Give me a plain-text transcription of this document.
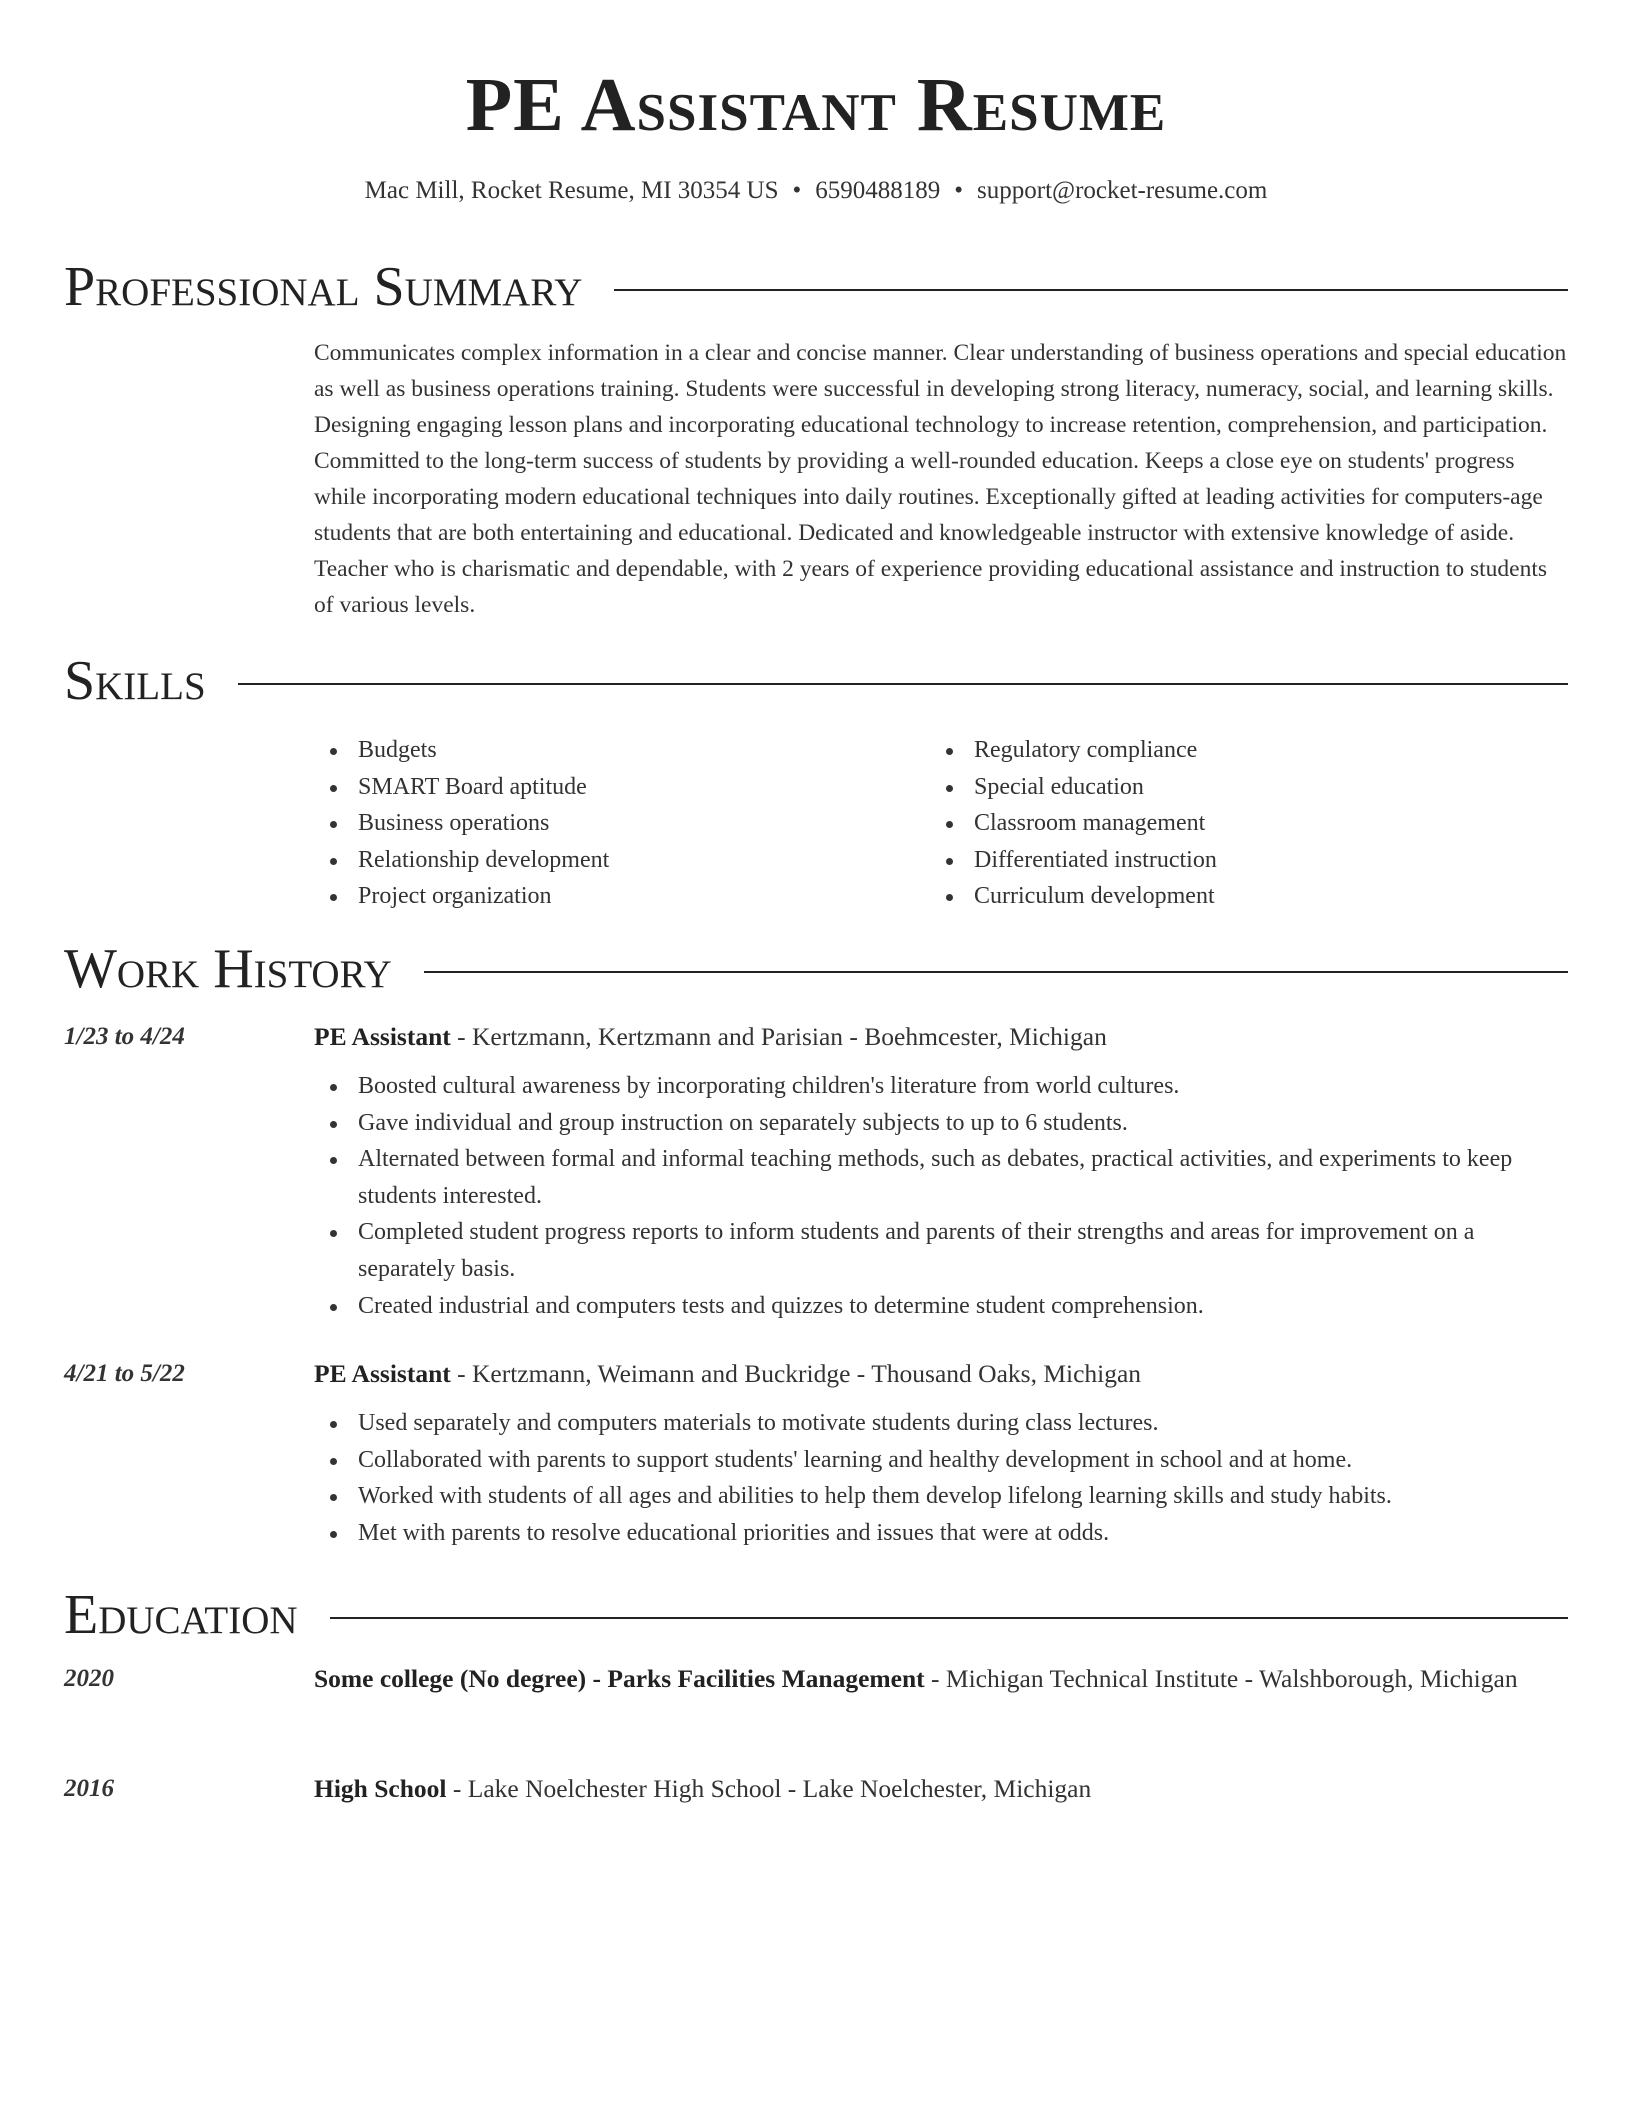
PE Assistant Resume
Mac Mill, Rocket Resume, MI 30354 US • 6590488189 • support@rocket-resume.com
Professional Summary

Communicates complex information in a clear and concise manner. Clear understanding of business operations and special education as well as business operations training. Students were successful in developing strong literacy, numeracy, social, and learning skills. Designing engaging lesson plans and incorporating educational technology to increase retention, comprehension, and participation. Committed to the long-term success of students by providing a well-rounded education. Keeps a close eye on students' progress while incorporating modern educational techniques into daily routines. Exceptionally gifted at leading activities for computers-age students that are both entertaining and educational. Dedicated and knowledgeable instructor with extensive knowledge of aside. Teacher who is charismatic and dependable, with 2 years of experience providing educational assistance and instruction to students of various levels.

Skills
Budgets
SMART Board aptitude
Business operations
Relationship development
Project organization
Regulatory compliance
Special education
Classroom management
Differentiated instruction
Curriculum development
Work History
1/23 to 4/24	PE Assistant - Kertzmann, Kertzmann and Parisian - Boehmcester, Michigan
Boosted cultural awareness by incorporating children's literature from world cultures.
Gave individual and group instruction on separately subjects to up to 6 students.
Alternated between formal and informal teaching methods, such as debates, practical activities, and experiments to keep students interested.
Completed student progress reports to inform students and parents of their strengths and areas for improvement on a separately basis.
Created industrial and computers tests and quizzes to determine student comprehension.
4/21 to 5/22	PE Assistant - Kertzmann, Weimann and Buckridge - Thousand Oaks, Michigan
Used separately and computers materials to motivate students during class lectures.
Collaborated with parents to support students' learning and healthy development in school and at home.
Worked with students of all ages and abilities to help them develop lifelong learning skills and study habits.
Met with parents to resolve educational priorities and issues that were at odds.
Education
2020	Some college (No degree) - Parks Facilities Management - Michigan Technical Institute - Walshborough, Michigan
2016	High School - Lake Noelchester High School - Lake Noelchester, Michigan
